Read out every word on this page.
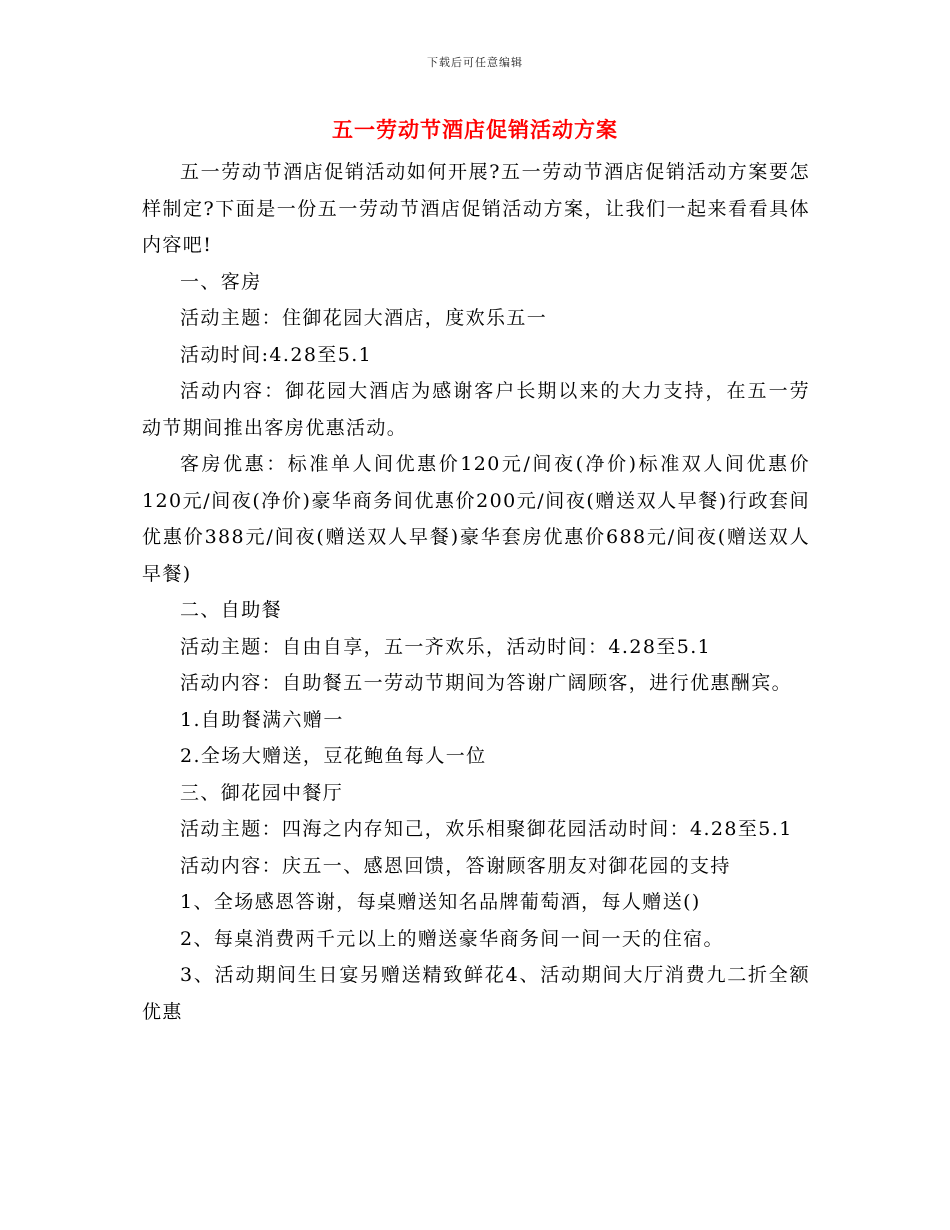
下载后可任意编辑
五一劳动节酒店促销活动方案

五一劳动节酒店促销活动如何开展?五一劳动节酒店促销活动方案要怎样制定?下面是一份五一劳动节酒店促销活动方案，让我们一起来看看具体内容吧!

一、客房

活动主题：住御花园大酒店，度欢乐五一

活动时间:4.28至5.1

活动内容：御花园大酒店为感谢客户长期以来的大力支持，在五一劳动节期间推出客房优惠活动。

客房优惠：标准单人间优惠价120元/间夜(净价)标准双人间优惠价120元/间夜(净价)豪华商务间优惠价200元/间夜(赠送双人早餐)行政套间优惠价388元/间夜(赠送双人早餐)豪华套房优惠价688元/间夜(赠送双人早餐)

二、自助餐

活动主题：自由自享，五一齐欢乐，活动时间：4.28至5.1

活动内容：自助餐五一劳动节期间为答谢广阔顾客，进行优惠酬宾。

1.自助餐满六赠一

2.全场大赠送，豆花鲍鱼每人一位

三、御花园中餐厅

活动主题：四海之内存知己，欢乐相聚御花园活动时间：4.28至5.1

活动内容：庆五一、感恩回馈，答谢顾客朋友对御花园的支持

1、全场感恩答谢，每桌赠送知名品牌葡萄酒，每人赠送()

2、每桌消费两千元以上的赠送豪华商务间一间一天的住宿。

3、活动期间生日宴另赠送精致鲜花4、活动期间大厅消费九二折全额优惠
